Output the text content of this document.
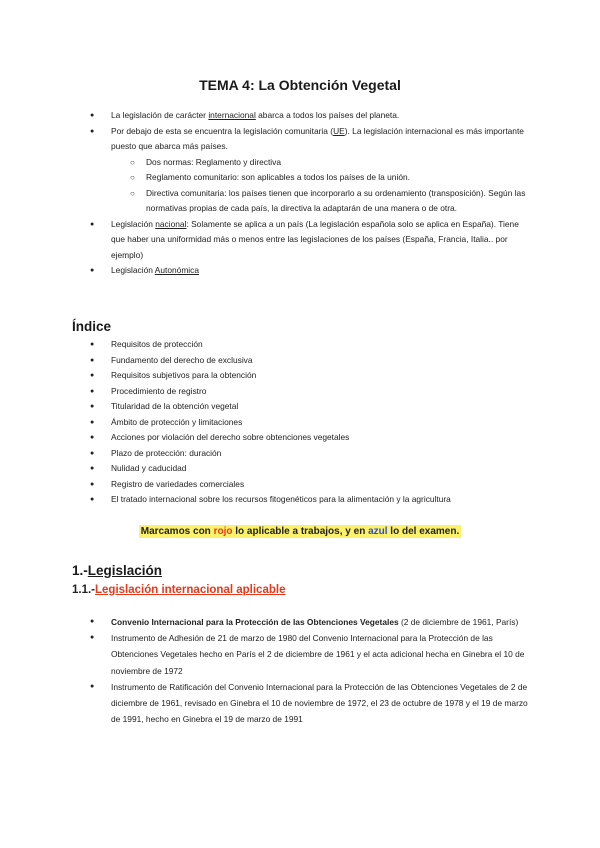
TEMA 4: La Obtención Vegetal
● La legislación de carácter internacional abarca a todos los países del planeta.
● Por debajo de esta se encuentra la legislación comunitaria (UE). La legislación internacional es más importante puesto que abarca más países.
○ Dos normas: Reglamento y directiva
○ Reglamento comunitario: son aplicables a todos los países de la unión.
○ Directiva comunitaria: los países tienen que incorporarlo a su ordenamiento (transposición). Según las normativas propias de cada país, la directiva la adaptarán de una manera o de otra.
● Legislación nacional: Solamente se aplica a un país (La legislación española solo se aplica en España). Tiene que haber una uniformidad más o menos entre las legislaciones de los países (España, Francia, Italia.. por ejemplo)
● Legislación Autonómica
Índice
● Requisitos de protección
● Fundamento del derecho de exclusiva
● Requisitos subjetivos para la obtención
● Procedimiento de registro
● Titularidad de la obtención vegetal
● Ámbito de protección y limitaciones
● Acciones por violación del derecho sobre obtenciones vegetales
● Plazo de protección: duración
● Nulidad y caducidad
● Registro de variedades comerciales
● El tratado internacional sobre los recursos fitogenéticos para la alimentación y la agricultura
Marcamos con rojo lo aplicable a trabajos, y en azul lo del examen.
1.-Legislación
1.1.-Legislación internacional aplicable
● Convenio Internacional para la Protección de las Obtenciones Vegetales (2 de diciembre de 1961, París)
● Instrumento de Adhesión de 21 de marzo de 1980 del Convenio Internacional para la Protección de las Obtenciones Vegetales hecho en París el 2 de diciembre de 1961 y el acta adicional hecha en Ginebra el 10 de noviembre de 1972
● Instrumento de Ratificación del Convenio Internacional para la Protección de las Obtenciones Vegetales de 2 de diciembre de 1961, revisado en Ginebra el 10 de noviembre de 1972, el 23 de octubre de 1978 y el 19 de marzo de 1991, hecho en Ginebra el 19 de marzo de 1991
